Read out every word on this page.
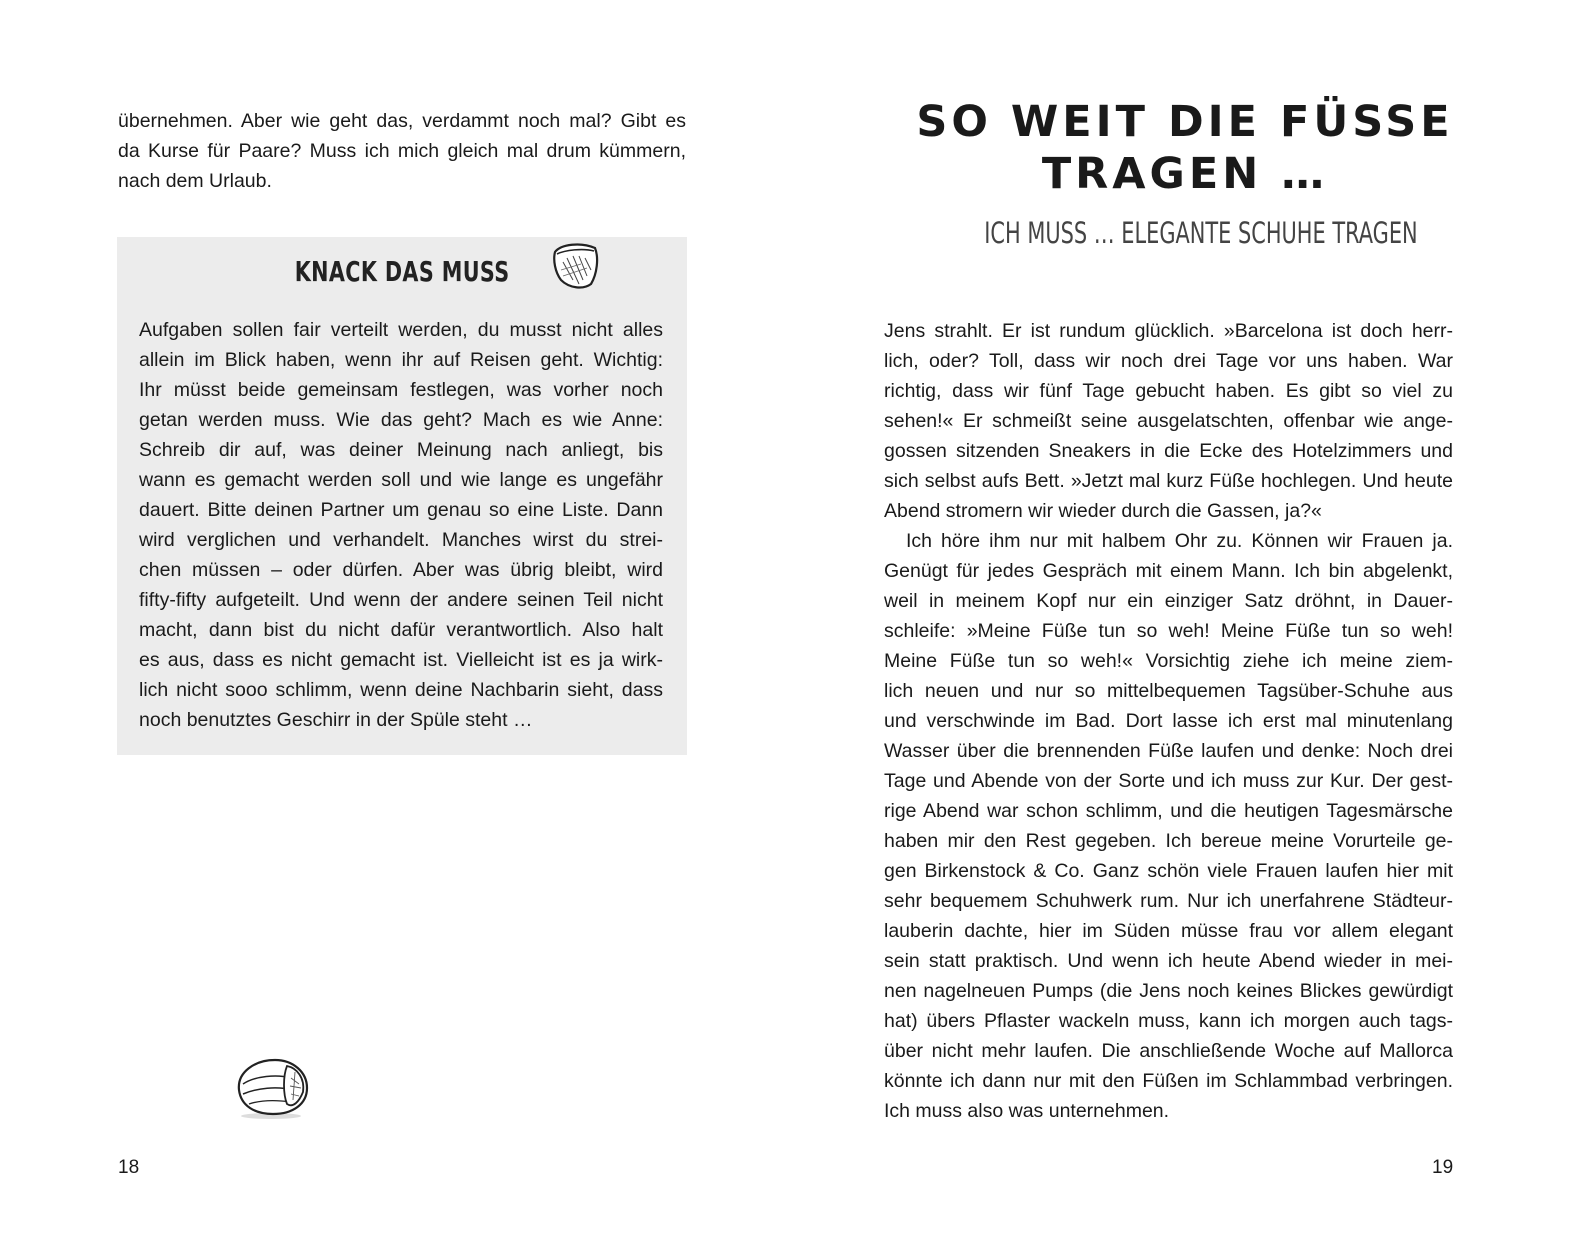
übernehmen. Aber wie geht das, verdammt noch mal? Gibt es
da Kurse für Paare? Muss ich mich gleich mal drum kümmern,
nach dem Urlaub.
Aufgaben sollen fair verteilt werden, du musst nicht alles
allein im Blick haben, wenn ihr auf Reisen geht. Wichtig:
Ihr müsst beide gemeinsam festlegen, was vorher noch
getan werden muss. Wie das geht? Mach es wie Anne:
Schreib dir auf, was deiner Meinung nach anliegt, bis
wann es gemacht werden soll und wie lange es ungefähr
dauert. Bitte deinen Partner um genau so eine Liste. Dann
wird verglichen und verhandelt. Manches wirst du strei-
chen müssen – oder dürfen. Aber was übrig bleibt, wird
fifty-fifty aufgeteilt. Und wenn der andere seinen Teil nicht
macht, dann bist du nicht dafür verantwortlich. Also halt
es aus, dass es nicht gemacht ist. Vielleicht ist es ja wirk-
lich nicht sooo schlimm, wenn deine Nachbarin sieht, dass
noch benutztes Geschirr in der Spüle steht …
KNACK DAS MUSS
18
SO WEIT DIE FÜSSE
TRAGEN …
ICH MUSS … ELEGANTE SCHUHE TRAGEN
Jens strahlt. Er ist rundum glücklich. »Barcelona ist doch herr-
lich, oder? Toll, dass wir noch drei Tage vor uns haben. War
richtig, dass wir fünf Tage gebucht haben. Es gibt so viel zu
sehen!« Er schmeißt seine ausgelatschten, offenbar wie ange-
gossen sitzenden Sneakers in die Ecke des Hotelzimmers und
sich selbst aufs Bett. »Jetzt mal kurz Füße hochlegen. Und heute
Abend stromern wir wieder durch die Gassen, ja?«
Ich höre ihm nur mit halbem Ohr zu. Können wir Frauen ja.
Genügt für jedes Gespräch mit einem Mann. Ich bin abgelenkt,
weil in meinem Kopf nur ein einziger Satz dröhnt, in Dauer-
schleife: »Meine Füße tun so weh! Meine Füße tun so weh!
Meine Füße tun so weh!« Vorsichtig ziehe ich meine ziem-
lich neuen und nur so mittelbequemen Tagsüber-Schuhe aus
und verschwinde im Bad. Dort lasse ich erst mal minutenlang
Wasser über die brennenden Füße laufen und denke: Noch drei
Tage und Abende von der Sorte und ich muss zur Kur. Der gest-
rige Abend war schon schlimm, und die heutigen Tagesmärsche
haben mir den Rest gegeben. Ich bereue meine Vorurteile ge-
gen Birkenstock & Co. Ganz schön viele Frauen laufen hier mit
sehr bequemem Schuhwerk rum. Nur ich unerfahrene Städteur-
lauberin dachte, hier im Süden müsse frau vor allem elegant
sein statt praktisch. Und wenn ich heute Abend wieder in mei-
nen nagelneuen Pumps (die Jens noch keines Blickes gewürdigt
hat) übers Pflaster wackeln muss, kann ich morgen auch tags-
über nicht mehr laufen. Die anschließende Woche auf Mallorca
könnte ich dann nur mit den Füßen im Schlammbad verbringen.
Ich muss also was unternehmen.
19
